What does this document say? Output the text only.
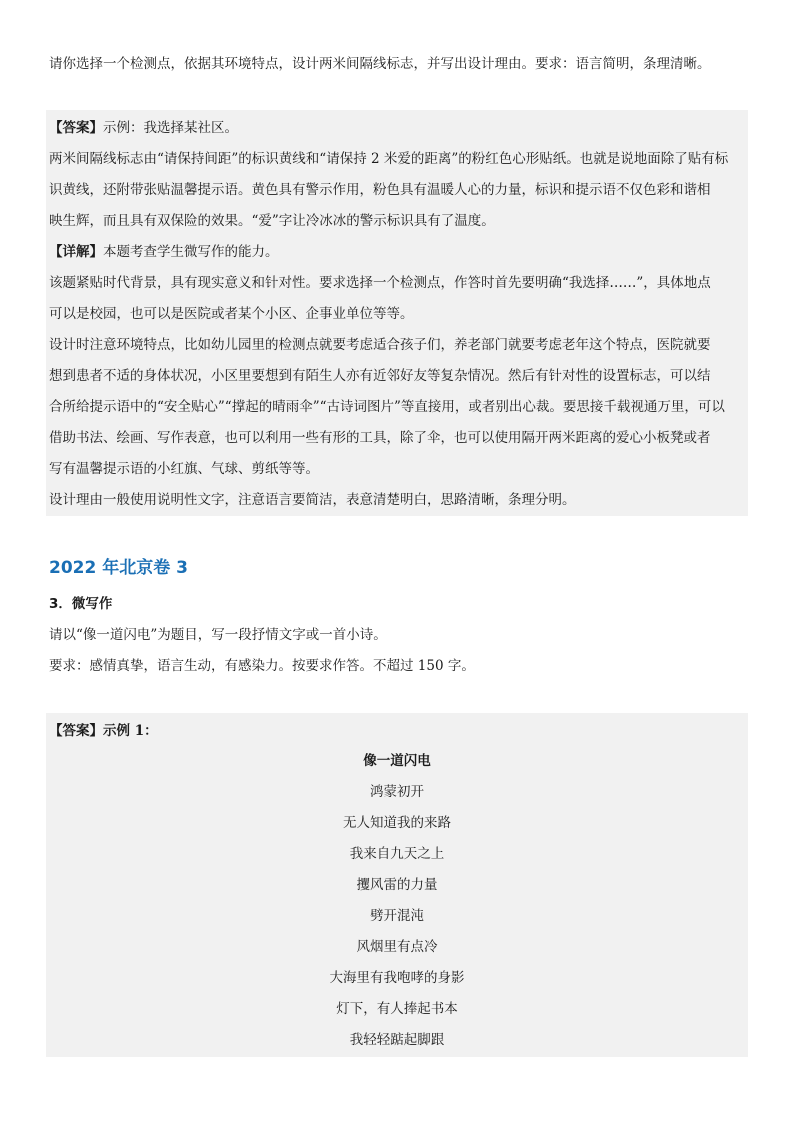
请你选择一个检测点，依据其环境特点，设计两米间隔线标志，并写出设计理由。要求：语言简明，条理清晰。
【答案】示例：我选择某社区。
两米间隔线标志由“请保持间距”的标识黄线和“请保持 2 米爱的距离”的粉红色心形贴纸。也就是说地面除了贴有标
识黄线，还附带张贴温馨提示语。黄色具有警示作用，粉色具有温暖人心的力量，标识和提示语不仅色彩和谐相
映生辉，而且具有双保险的效果。“爱”字让冷冰冰的警示标识具有了温度。
【详解】本题考查学生微写作的能力。
该题紧贴时代背景，具有现实意义和针对性。要求选择一个检测点，作答时首先要明确“我选择……”，具体地点
可以是校园，也可以是医院或者某个小区、企事业单位等等。
设计时注意环境特点，比如幼儿园里的检测点就要考虑适合孩子们，养老部门就要考虑老年这个特点，医院就要
想到患者不适的身体状况，小区里要想到有陌生人亦有近邻好友等复杂情况。然后有针对性的设置标志，可以结
合所给提示语中的“安全贴心”“撑起的晴雨伞”“古诗词图片”等直接用，或者别出心裁。要思接千载视通万里，可以
借助书法、绘画、写作表意，也可以利用一些有形的工具，除了伞，也可以使用隔开两米距离的爱心小板凳或者
写有温馨提示语的小红旗、气球、剪纸等等。
设计理由一般使用说明性文字，注意语言要简洁，表意清楚明白，思路清晰，条理分明。
2022 年北京卷 3
3．微写作
请以“像一道闪电”为题目，写一段抒情文字或一首小诗。
要求：感情真挚，语言生动，有感染力。按要求作答。不超过 150 字。
【答案】示例 1：
像一道闪电
鸿蒙初开
无人知道我的来路
我来自九天之上
攫风雷的力量
劈开混沌
风烟里有点冷
大海里有我咆哮的身影
灯下，有人捧起书本
我轻轻踮起脚跟
